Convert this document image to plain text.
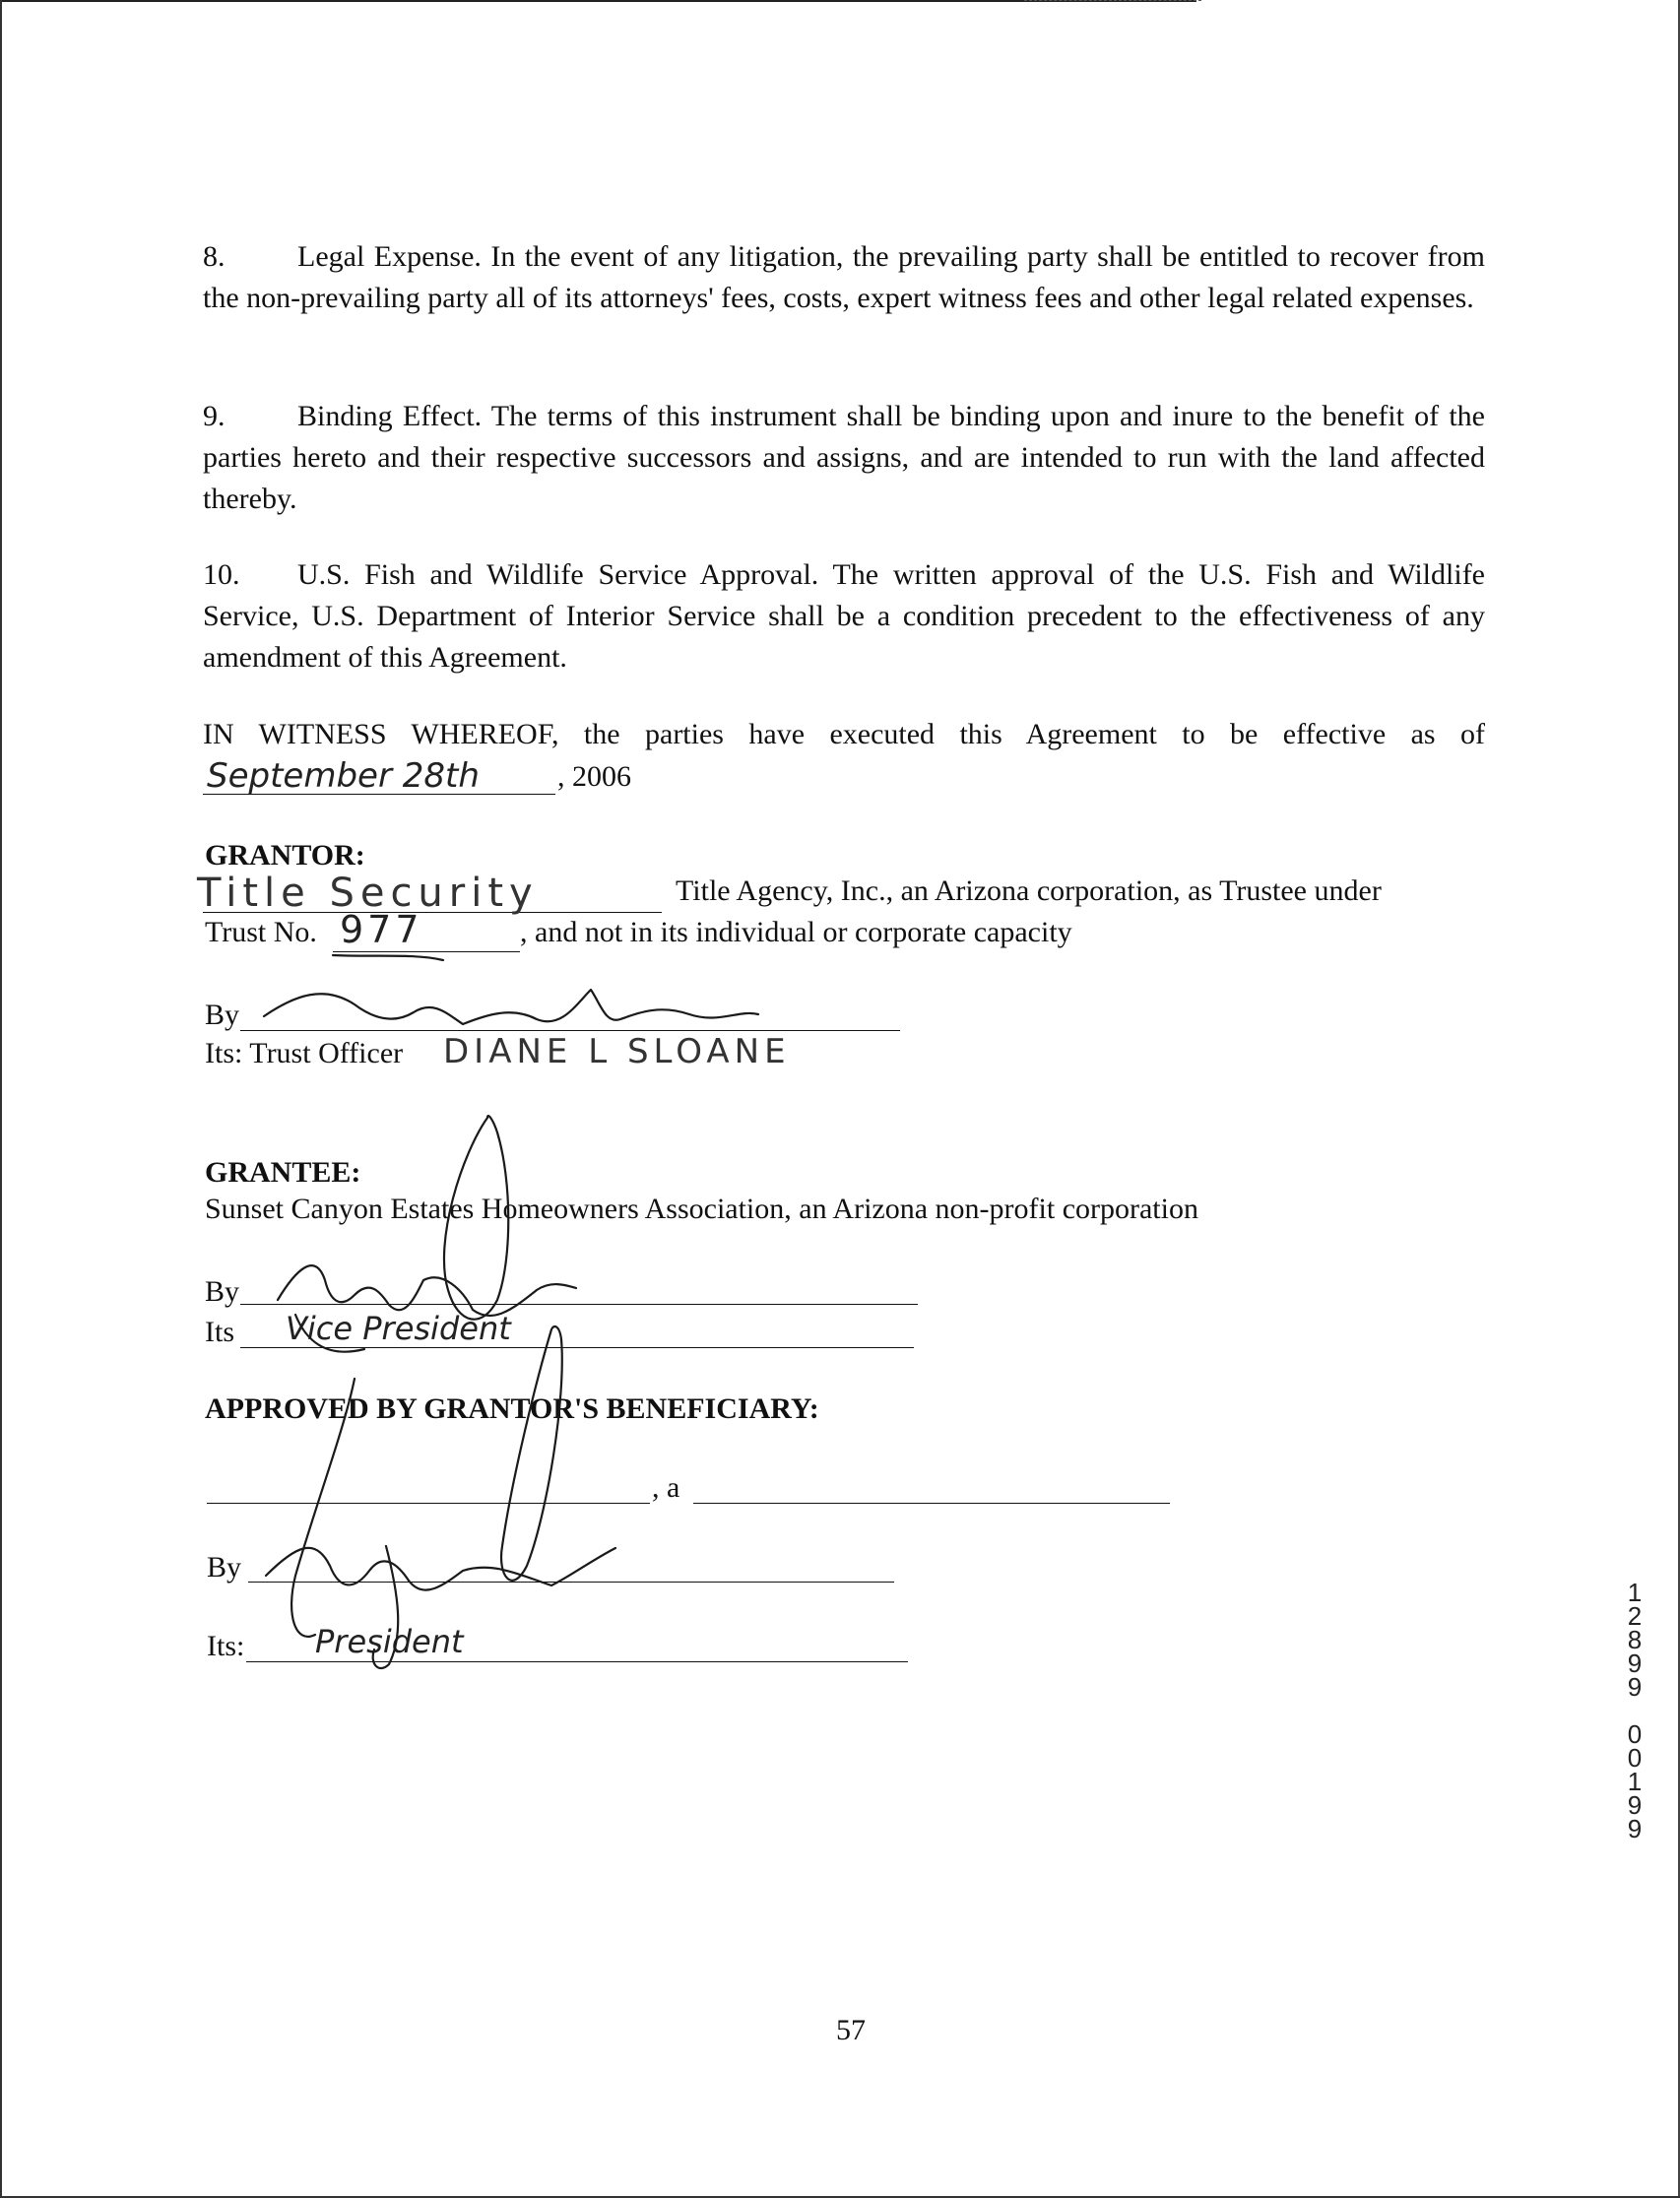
8. Legal Expense. In the event of any litigation, the prevailing party shall be entitled to recover from the non-prevailing party all of its attorneys' fees, costs, expert witness fees and other legal related expenses.
9. Binding Effect. The terms of this instrument shall be binding upon and inure to the benefit of the parties hereto and their respective successors and assigns, and are intended to run with the land affected thereby.
10. U.S. Fish and Wildlife Service Approval. The written approval of the U.S. Fish and Wildlife Service, U.S. Department of Interior Service shall be a condition precedent to the effectiveness of any amendment of this Agreement.
IN WITNESS WHEREOF, the parties have executed this Agreement to be effective as of
September 28th	, 2006
GRANTOR:
Title Security	Title Agency, Inc., an Arizona corporation, as Trustee under
Trust No. 977	, and not in its individual or corporate capacity
By
Its: Trust Officer DIANE L SLOANE
GRANTEE:
Sunset Canyon Estates Homeowners Association, an Arizona non-profit corporation
By
Its Vice President
APPROVED BY GRANTOR'S BENEFICIARY:
, a
By
Its: President
1
2
8
9
9
0
0
1
9
9
57
